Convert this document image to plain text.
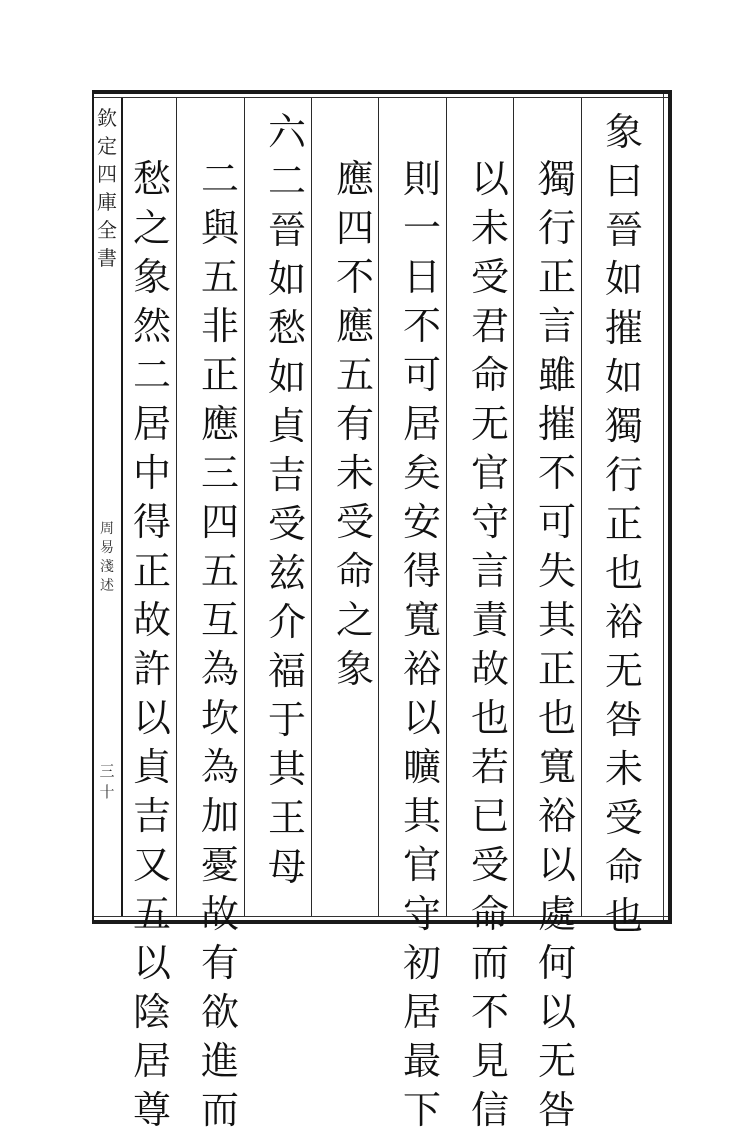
欽
定
四
庫
全
書
周
易
淺
述
三十
象
曰
晉
如
摧
如
獨
行
正
也
裕
无
咎
未
受
命
也
獨
行
正
言
雖
摧
不
可
失
其
正
也
寬
裕
以
處
何
以
无
咎
以
未
受
君
命
无
官
守
言
責
故
也
若
已
受
命
而
不
見
信
則
一
日
不
可
居
矣
安
得
寬
裕
以
曠
其
官
守
初
居
最
下
應
四
不
應
五
有
未
受
命
之
象
六
二
晉
如
愁
如
貞
吉
受
兹
介
福
于
其
王
母
二
與
五
非
正
應
三
四
五
互
為
坎
為
加
憂
故
有
欲
進
而
愁
之
象
然
二
居
中
得
正
故
許
以
貞
吉
又
五
以
陰
居
尊
